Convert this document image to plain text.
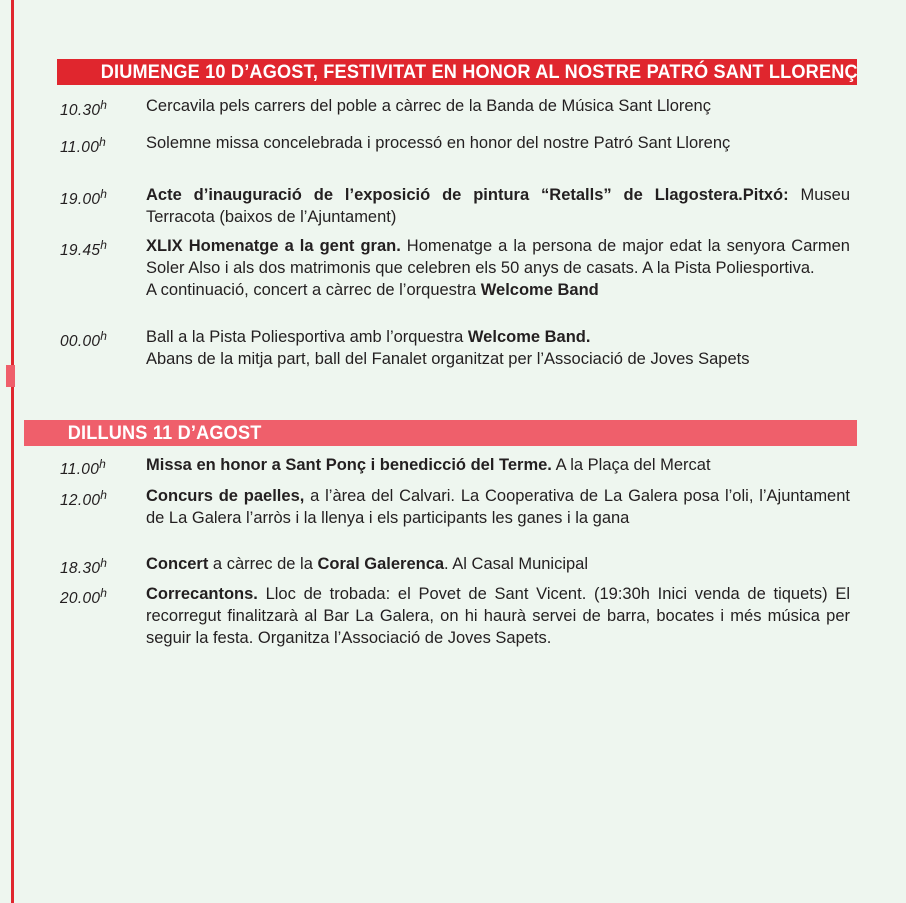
DIUMENGE 10 D’AGOST, FESTIVITAT EN HONOR AL NOSTRE PATRÓ SANT LLORENÇ
10.30$^h$	Cercavila pels carrers del poble a càrrec de la Banda de Música Sant Llorenç
11.00$^h$	Solemne missa concelebrada i processó en honor del nostre Patró Sant Llorenç
19.00$^h$	Acte d’inauguració de l’exposició de pintura “Retalls” de Llagostera.Pitxó: Museu Terracota (baixos de l’Ajuntament)
19.45$^h$	XLIX Homenatge a la gent gran. Homenatge a la persona de major edat la senyora Carmen Soler Also i als dos matrimonis que celebren els 50 anys de casats. A la Pista Poliesportiva.
A continuació, concert a càrrec de l’orquestra Welcome Band
00.00$^h$	Ball a la Pista Poliesportiva amb l’orquestra Welcome Band.
Abans de la mitja part, ball del Fanalet organitzat per l’Associació de Joves Sapets
DILLUNS 11 D’AGOST
11.00$^h$	Missa en honor a Sant Ponç i benedicció del Terme. A la Plaça del Mercat
12.00$^h$	Concurs de paelles, a l’àrea del Calvari. La Cooperativa de La Galera posa l’oli, l’Ajuntament de La Galera l’arròs i la llenya i els participants les ganes i la gana
18.30$^h$	Concert a càrrec de la Coral Galerenca. Al Casal Municipal
20.00$^h$	Correcantons. Lloc de trobada: el Povet de Sant Vicent. (19:30h Inici venda de tiquets) El recorregut finalitzarà al Bar La Galera, on hi haurà servei de barra, bocates i més música per seguir la festa. Organitza l’Associació de Joves Sapets.
